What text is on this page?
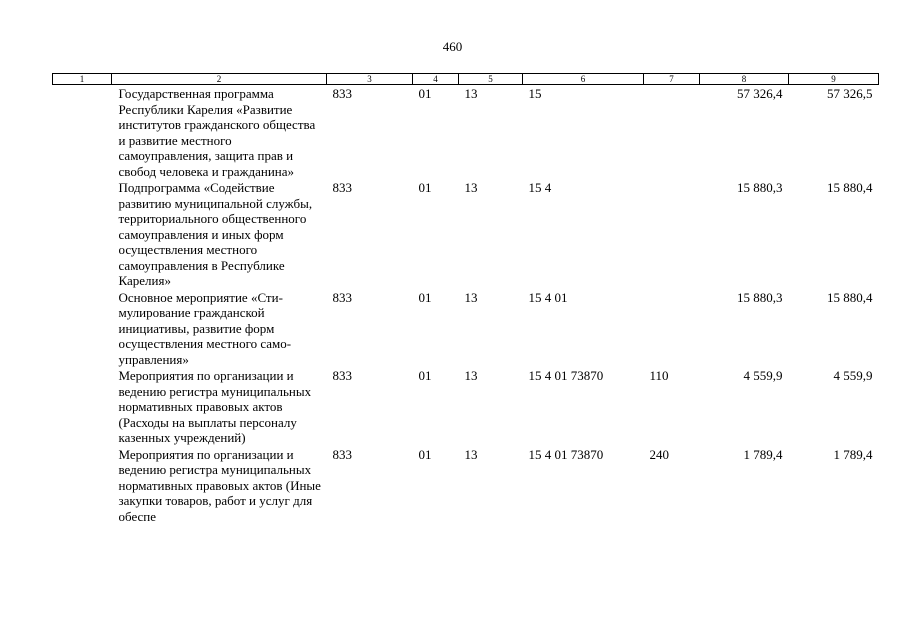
460
1	2	3	4	5	6	7	8	9
	Государственная программа Республики Карелия «Развитие институтов гражданского общества и развитие местного самоуправления, защита прав и свобод человека и гражданина»	833	01	13	15		57 326,4	57 326,5
	Подпрограмма «Содействие развитию муниципальной службы, территориального общественного самоуправления и иных форм осуществления местного самоуправления в Республике Карелия»	833	01	13	15 4		15 880,3	15 880,4
	Основное мероприятие «Стимулирование гражданской инициативы, развитие форм осуществления местного самоуправления»	833	01	13	15 4 01		15 880,3	15 880,4
	Мероприятия по организации и ведению регистра муниципальных нормативных правовых актов (Расходы на выплаты персоналу казенных учреждений)	833	01	13	15 4 01 73870	110	4 559,9	4 559,9
	Мероприятия по организации и ведению регистра муниципальных нормативных правовых актов (Иные закупки товаров, работ и услуг для обеспе	833	01	13	15 4 01 73870	240	1 789,4	1 789,4
